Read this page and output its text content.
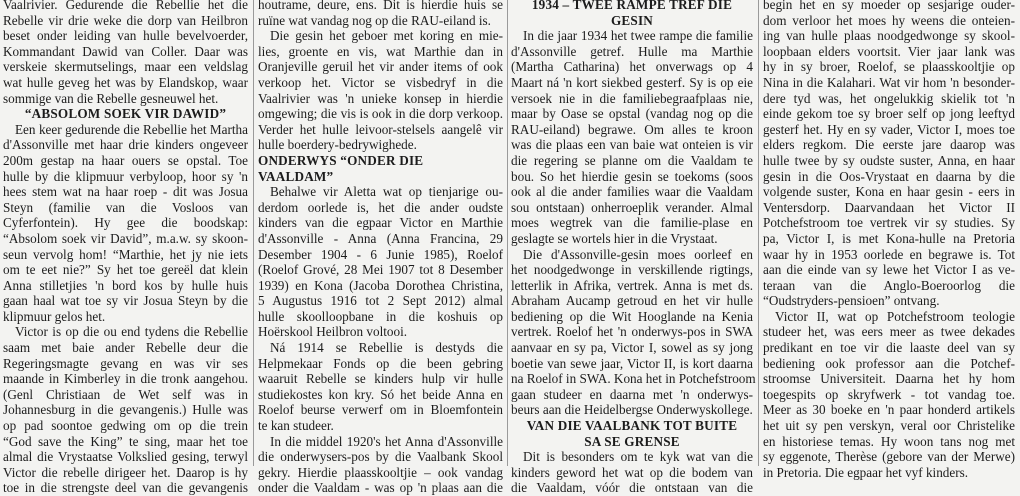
Vaalrivier. Gedurende die Rebellie het die
Rebelle vir drie weke die dorp van Heilbron
beset onder leiding van hulle bevelvoerder,
Kommandant Dawid van Coller. Daar was
verskeie skermutselings, maar een veldslag
wat hulle geveg het was by Elandskop, waar
sommige van die Rebelle gesneuwel het.
“ABSOLOM SOEK VIR DAWID”
Een keer gedurende die Rebellie het Martha
d'Assonville met haar drie kinders ongeveer
200m gestap na haar ouers se opstal. Toe
hulle by die klipmuur verbyloop, hoor sy 'n
hees stem wat na haar roep - dit was Josua
Steyn (familie van die Vosloos van
Cyferfontein). Hy gee die boodskap:
“Absolom soek vir David”, m.a.w. sy skoon-
seun vervolg hom! “Marthie, het jy nie iets
om te eet nie?” Sy het toe gereël dat klein
Anna stilletjies 'n bord kos by hulle huis
gaan haal wat toe sy vir Josua Steyn by die
klipmuur gelos het.
Victor is op die ou end tydens die Rebellie
saam met baie ander Rebelle deur die
Regeringsmagte gevang en was vir ses
maande in Kimberley in die tronk aangehou.
(Genl Christiaan de Wet self was in
Johannesburg in die gevangenis.) Hulle was
op pad soontoe gedwing om op die trein
“God save the King” te sing, maar het toe
almal die Vrystaatse Volkslied gesing, terwyl
Victor die rebelle dirigeer het. Daarop is hy
toe in die strengste deel van die gevangenis
houtrame, deure, ens. Dit is hierdie huis se
ruïne wat vandag nog op die RAU-eiland is.
Die gesin het geboer met koring en mie-
lies, groente en vis, wat Marthie dan in
Oranjeville geruil het vir ander items of ook
verkoop het. Victor se visbedryf in die
Vaalrivier was 'n unieke konsep in hierdie
omgewing; die vis is ook in die dorp verkoop.
Verder het hulle leivoor-stelsels aangelê vir
hulle boerdery-bedrywighede.
ONDERWYS “ONDER DIE
VAALDAM”
Behalwe vir Aletta wat op tienjarige ou-
derdom oorlede is, het die ander oudste
kinders van die egpaar Victor en Marthie
d'Assonville - Anna (Anna Francina, 29
Desember 1904 - 6 Junie 1985), Roelof
(Roelof Grové, 28 Mei 1907 tot 8 Desember
1939) en Kona (Jacoba Dorothea Christina,
5 Augustus 1916 tot 2 Sept 2012) almal
hulle skoolloopbane in die koshuis op
Hoërskool Heilbron voltooi.
Ná 1914 se Rebellie is destyds die
Helpmekaar Fonds op die been gebring
waaruit Rebelle se kinders hulp vir hulle
studiekostes kon kry. Só het beide Anna en
Roelof beurse verwerf om in Bloemfontein
te kan studeer.
In die middel 1920's het Anna d'Assonville
die onderwysers-pos by die Vaalbank Skool
gekry. Hierdie plaasskooltjie – ook vandag
onder die Vaaldam - was op 'n plaas aan die
1934 – TWEE RAMPE TREF DIE
GESIN
In die jaar 1934 het twee rampe die familie
d'Assonville getref. Hulle ma Marthie
(Martha Catharina) het onverwags op 4
Maart ná 'n kort siekbed gesterf. Sy is op eie
versoek nie in die familiebegraafplaas nie,
maar by Oase se opstal (vandag nog op die
RAU-eiland) begrawe. Om alles te kroon
was die plaas een van baie wat onteien is vir
die regering se planne om die Vaaldam te
bou. So het hierdie gesin se toekoms (soos
ook al die ander families waar die Vaaldam
sou ontstaan) onherroeplik verander. Almal
moes wegtrek van die familie-plase en
geslagte se wortels hier in die Vrystaat.
Die d'Assonville-gesin moes oorleef en
het noodgedwonge in verskillende rigtings,
letterlik in Afrika, vertrek. Anna is met ds.
Abraham Aucamp getroud en het vir hulle
bediening op die Wit Hooglande na Kenia
vertrek. Roelof het 'n onderwys-pos in SWA
aanvaar en sy pa, Victor I, sowel as sy jong
boetie van sewe jaar, Victor II, is kort daarna
na Roelof in SWA. Kona het in Potchefstroom
gaan studeer en daarna met 'n onderwys-
beurs aan die Heidelbergse Onderwyskollege.
VAN DIE VAALBANK TOT BUITE
SA SE GRENSE
Dit is besonders om te kyk wat van die
kinders geword het wat op die bodem van
die Vaaldam, vóór die ontstaan van die
begin het en sy moeder op sesjarige ouder-
dom verloor het moes hy weens die onteien-
ing van hulle plaas noodgedwonge sy skool-
loopbaan elders voortsit. Vier jaar lank was
hy in sy broer, Roelof, se plaasskooltjie op
Nina in die Kalahari. Wat vir hom 'n besonder-
dere tyd was, het ongelukkig skielik tot 'n
einde gekom toe sy broer self op jong leeftyd
gesterf het. Hy en sy vader, Victor I, moes toe
elders regkom. Die eerste jare daarop was
hulle twee by sy oudste suster, Anna, en haar
gesin in die Oos-Vrystaat en daarna by die
volgende suster, Kona en haar gesin - eers in
Ventersdorp. Daarvandaan het Victor II
Potchefstroom toe vertrek vir sy studies. Sy
pa, Victor I, is met Kona-hulle na Pretoria
waar hy in 1953 oorlede en begrawe is. Tot
aan die einde van sy lewe het Victor I as ve-
teraan van die Anglo-Boeroorlog die
“Oudstryders-pensioen” ontvang.
Victor II, wat op Potchefstroom teologie
studeer het, was eers meer as twee dekades
predikant en toe vir die laaste deel van sy
bediening ook professor aan die Potchef-
stroomse Universiteit. Daarna het hy hom
toegespits op skryfwerk - tot vandag toe.
Meer as 30 boeke en 'n paar honderd artikels
het uit sy pen verskyn, veral oor Christelike
en historiese temas. Hy woon tans nog met
sy eggenote, Therèse (gebore van der Merwe)
in Pretoria. Die egpaar het vyf kinders.
